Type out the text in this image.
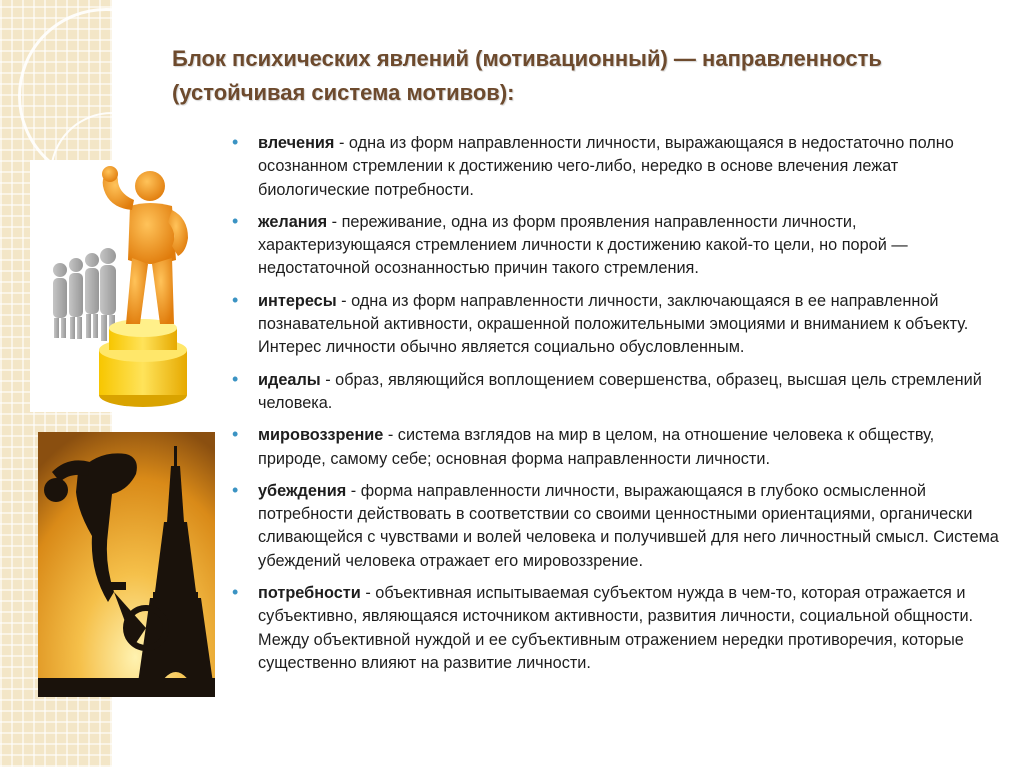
Блок психических явлений (мотивационный) — направленность (устойчивая система мотивов):
• влечения - одна из форм направленности личности, выражающаяся в недостаточно полно осознанном стремлении к достижению чего-либо, нередко в основе влечения лежат биологические потребности.
• желания - переживание, одна из форм проявления направленности личности, характеризующаяся стремлением личности к достижению какой-то цели, но порой — недостаточной осознанностью причин такого стремления.
• интересы - одна из форм направленности личности, заключающаяся в ее направленной познавательной активности, окрашенной положительными эмоциями и вниманием к объекту. Интерес личности обычно является социально обусловленным.
• идеалы - образ, являющийся воплощением совершенства, образец, высшая цель стремлений человека.
• мировоззрение - система взглядов на мир в целом, на отношение человека к обществу, природе, самому себе; основная форма направленности личности.
• убеждения - форма направленности личности, выражающаяся в глубоко осмысленной потребности действовать в соответствии со своими ценностными ориентациями, органически сливающейся с чувствами и волей человека и получившей для него личностный смысл. Система убеждений человека отражает его мировоззрение.
• потребности - объективная испытываемая субъектом нужда в чем-то, которая отражается и субъективно, являющаяся источником активности, развития личности, социальной общности. Между объективной нуждой и ее субъективным отражением нередки противоречия, которые существенно влияют на развитие личности.
